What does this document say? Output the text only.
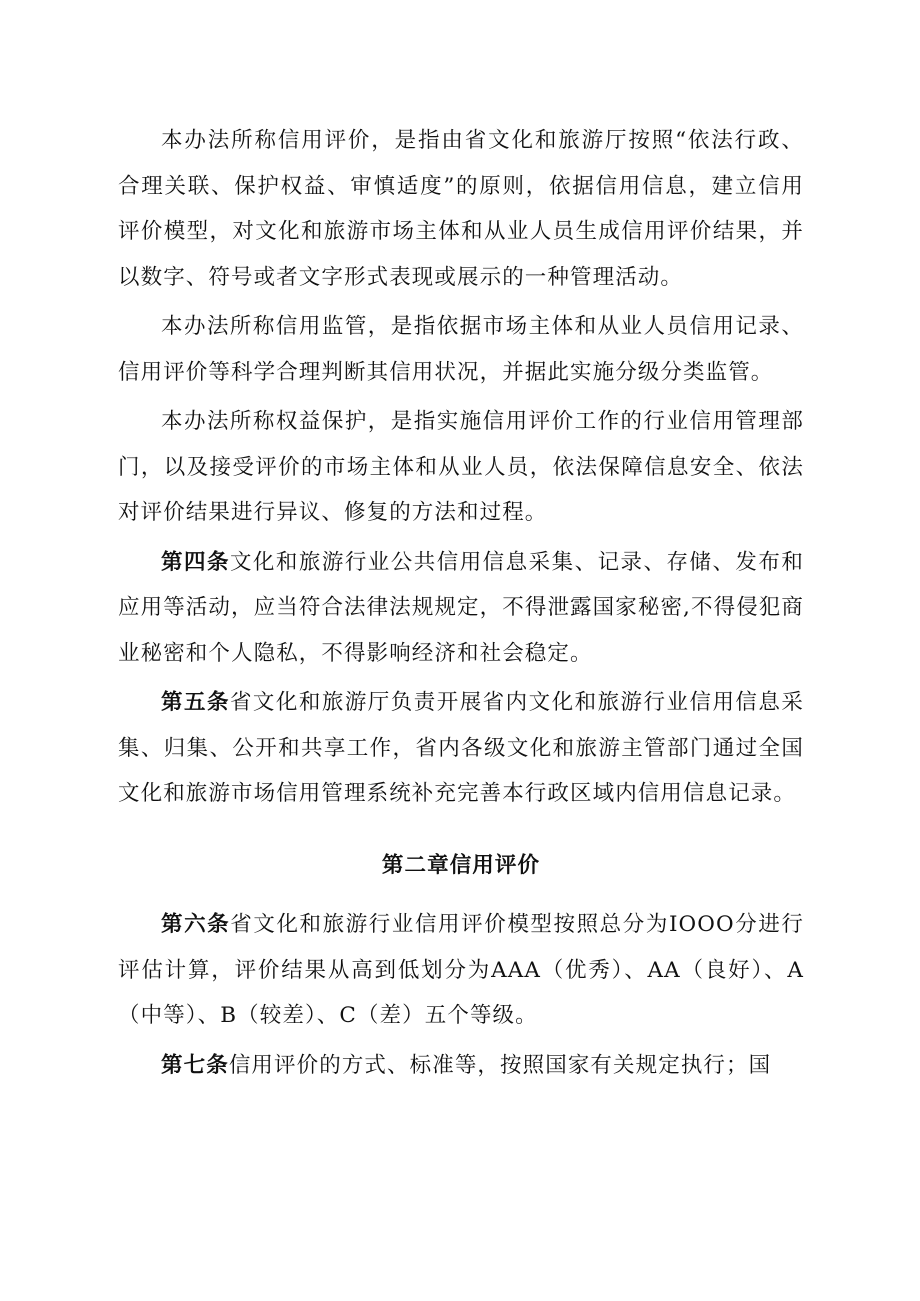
本办法所称信用评价，是指由省文化和旅游厅按照“依法行政、合理关联、保护权益、审慎适度”的原则，依据信用信息，建立信用评价模型，对文化和旅游市场主体和从业人员生成信用评价结果，并以数字、符号或者文字形式表现或展示的一种管理活动。

本办法所称信用监管，是指依据市场主体和从业人员信用记录、信用评价等科学合理判断其信用状况，并据此实施分级分类监管。

本办法所称权益保护，是指实施信用评价工作的行业信用管理部门，以及接受评价的市场主体和从业人员，依法保障信息安全、依法对评价结果进行异议、修复的方法和过程。

第四条文化和旅游行业公共信用信息采集、记录、存储、发布和应用等活动，应当符合法律法规规定，不得泄露国家秘密,不得侵犯商业秘密和个人隐私，不得影响经济和社会稳定。

第五条省文化和旅游厅负责开展省内文化和旅游行业信用信息采集、归集、公开和共享工作，省内各级文化和旅游主管部门通过全国文化和旅游市场信用管理系统补充完善本行政区域内信用信息记录。

第二章信用评价

第六条省文化和旅游行业信用评价模型按照总分为IOOO分进行评估计算，评价结果从高到低划分为AAA（优秀）、AA（良好）、A（中等）、B（较差）、C（差）五个等级。

第七条信用评价的方式、标准等，按照国家有关规定执行；国
